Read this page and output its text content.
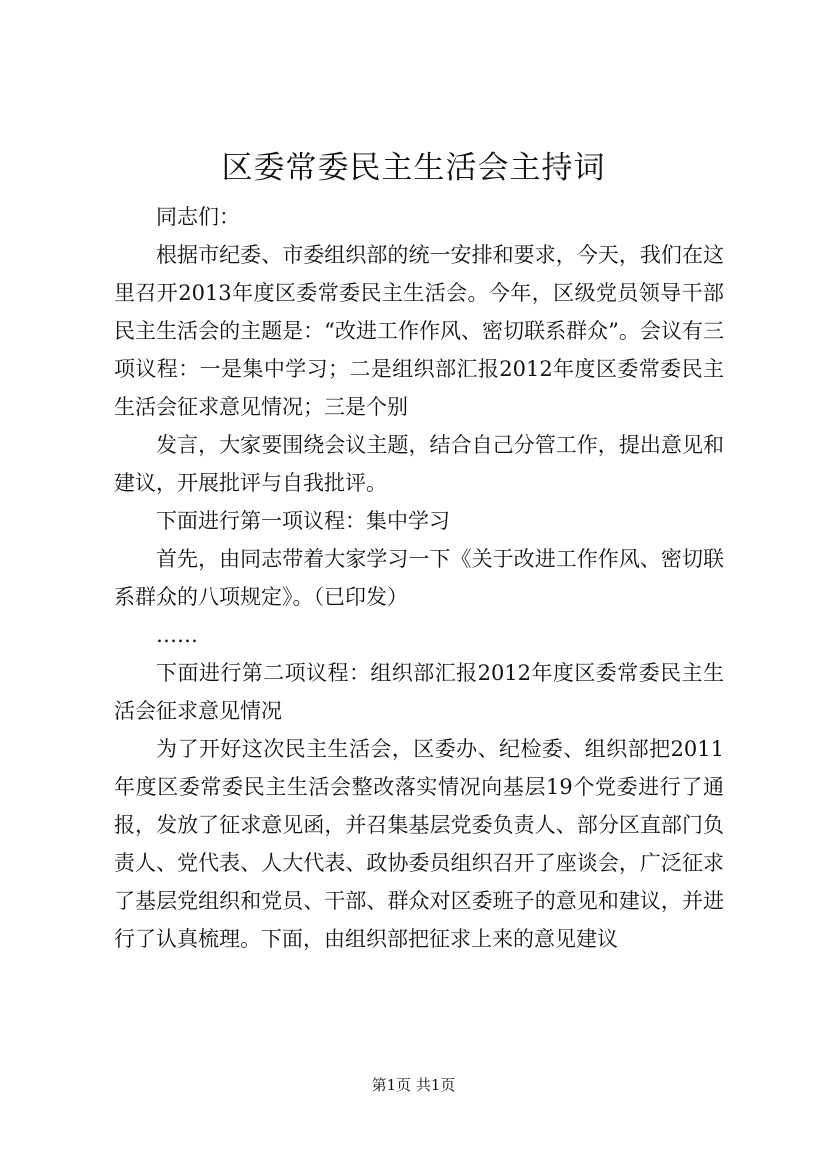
区委常委民主生活会主持词

同志们：

根据市纪委、市委组织部的统一安排和要求，今天，我们在这里召开2013年度区委常委民主生活会。今年，区级党员领导干部民主生活会的主题是：“改进工作作风、密切联系群众”。会议有三项议程：一是集中学习；二是组织部汇报2012年度区委常委民主生活会征求意见情况；三是个别

发言，大家要围绕会议主题，结合自己分管工作，提出意见和建议，开展批评与自我批评。

下面进行第一项议程：集中学习

首先，由同志带着大家学习一下《关于改进工作作风、密切联系群众的八项规定》。（已印发）

……

下面进行第二项议程：组织部汇报2012年度区委常委民主生活会征求意见情况

为了开好这次民主生活会，区委办、纪检委、组织部把2011年度区委常委民主生活会整改落实情况向基层19个党委进行了通报，发放了征求意见函，并召集基层党委负责人、部分区直部门负责人、党代表、人大代表、政协委员组织召开了座谈会，广泛征求了基层党组织和党员、干部、群众对区委班子的意见和建议，并进行了认真梳理。下面，由组织部把征求上来的意见建议

第1页 共1页
